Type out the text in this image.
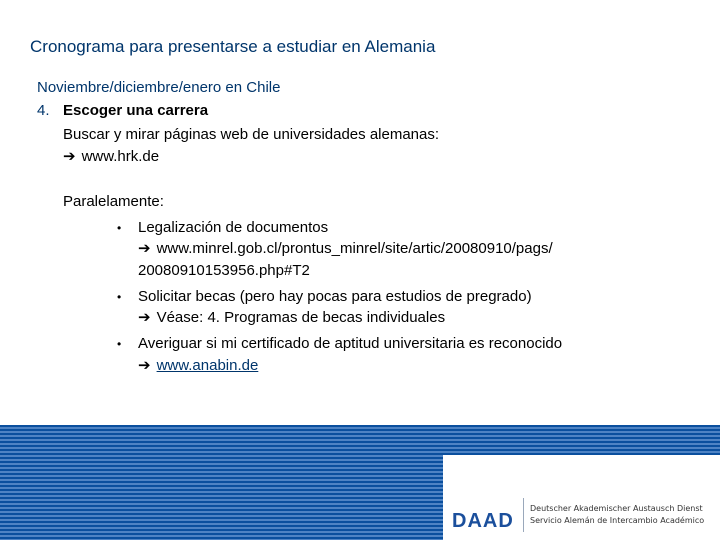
Cronograma para presentarse a estudiar en Alemania
Noviembre/diciembre/enero en Chile
4. Escoger una carrera
Buscar y mirar páginas web de universidades alemanas:
➔ www.hrk.de
Paralelamente:
• Legalización de documentos
➔ www.minrel.gob.cl/prontus_minrel/site/artic/20080910/pags/
20080910153956.php#T2
• Solicitar becas (pero hay pocas para estudios de pregrado)
➔ Véase: 4. Programas de becas individuales
• Averiguar si mi certificado de aptitud universitaria es reconocido
➔ www.anabin.de
DAAD
Deutscher Akademischer Austausch Dienst
Servicio Alemán de Intercambio Académico
